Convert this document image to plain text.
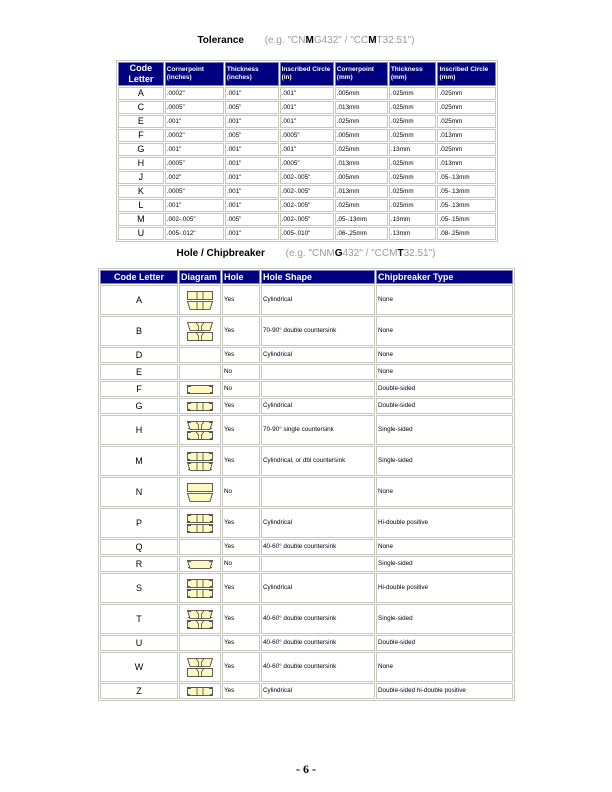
Tolerance (e.g. "CNMG432" / "CCMT32.51")
Code Letter	Cornerpoint (inches)	Thickness (inches)	Inscribed Circle (in)	Cornerpoint (mm)	Thickness (mm)	Inscribed Circle (mm)
A	.0002"	.001"	.001"	.005mm	.025mm	.025mm
C	.0005"	.005"	.001"	.013mm	.025mm	.025mm
E	.001"	.001"	.001"	.025mm	.025mm	.025mm
F	.0002"	.005"	.0005"	.005mm	.025mm	.013mm
G	.001"	.001"	.001"	.025mm	.13mm	.025mm
H	.0005"	.001"	.0005"	.013mm	.025mm	.013mm
J	.002"	.001"	.002-.005"	.005mm	.025mm	.05-.13mm
K	.0005"	.001"	.002-.005"	.013mm	.025mm	.05-.13mm
L	.001"	.001"	.002-.005"	.025mm	.025mm	.05-.13mm
M	.002-.005"	.005"	.002-.005"	.05-.13mm	.13mm	.05-.15mm
U	.005-.012"	.001"	.005-.010"	.06-.25mm	.13mm	.08-.25mm
Hole / Chipbreaker (e.g. "CNMG432" / "CCMT32.51")
Code Letter	Diagram	Hole	Hole Shape	Chipbreaker Type
A		Yes	Cylindrical	None
B		Yes	70-90° double countersink	None
D		Yes	Cylindrical	None
E		No		None
F		No		Double-sided
G		Yes	Cylindrical	Double-sided
H		Yes	70-90° single countersink	Single-sided
M		Yes	Cylindrical, or dbl countersink	Single-sided
N		No		None
P		Yes	Cylindrical	Hi-double positive
Q		Yes	40-60° double countersink	None
R		No		Single-sided
S		Yes	Cylindrical	Hi-double positive
T		Yes	40-60° double countersink	Single-sided
U		Yes	40-60° double countersink	Double-sided
W		Yes	40-60° double countersink	None
Z		Yes	Cylindrical	Double-sided hi-double positive
- 6 -
